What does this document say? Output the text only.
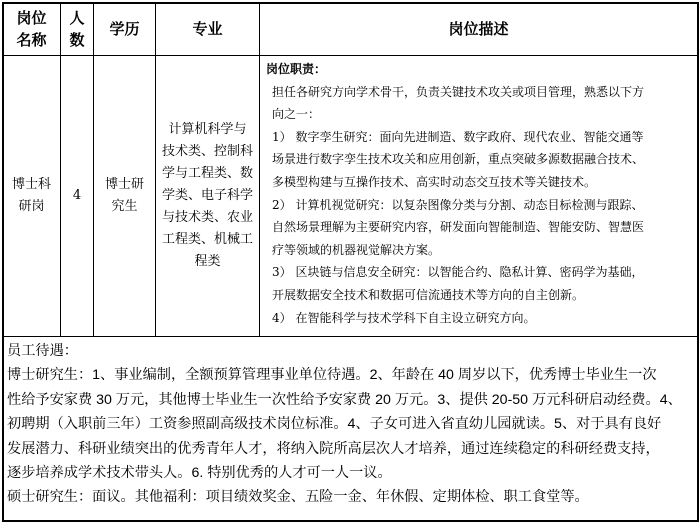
岗位
名称
人
数
学历	专业	岗位描述
博士科
研岗
4
博士研
究生
计算机科学与
技术类、控制科
学与工程类、数
学类、电子科学
与技术类、农业
工程类、机械工
程类

岗位职责：

担任各研究方向学术骨干，负责关键技术攻关或项目管理，熟悉以下方

向之一：

1） 数字孪生研究：面向先进制造、数字政府、现代农业、智能交通等

场景进行数字孪生技术攻关和应用创新，重点突破多源数据融合技术、

多模型构建与互操作技术、高实时动态交互技术等关键技术。

2） 计算机视觉研究：以复杂图像分类与分割、动态目标检测与跟踪、

自然场景理解为主要研究内容，研发面向智能制造、智能安防、智慧医

疗等领域的机器视觉解决方案。

3） 区块链与信息安全研究：以智能合约、隐私计算、密码学为基础，

开展数据安全技术和数据可信流通技术等方向的自主创新。

4） 在智能科学与技术学科下自主设立研究方向。

员工待遇：

博士研究生：1、事业编制，全额预算管理事业单位待遇。2、年龄在 40 周岁以下，优秀博士毕业生一次

性给予安家费 30 万元，其他博士毕业生一次性给予安家费 20 万元。3、提供 20-50 万元科研启动经费。4、

初聘期（入职前三年）工资参照副高级技术岗位标准。4、子女可进入省直幼儿园就读。5、对于具有良好

发展潜力、科研业绩突出的优秀青年人才，将纳入院所高层次人才培养，通过连续稳定的科研经费支持，

逐步培养成学术技术带头人。6. 特别优秀的人才可一人一议。

硕士研究生：面议。其他福利：项目绩效奖金、五险一金、年休假、定期体检、职工食堂等。
